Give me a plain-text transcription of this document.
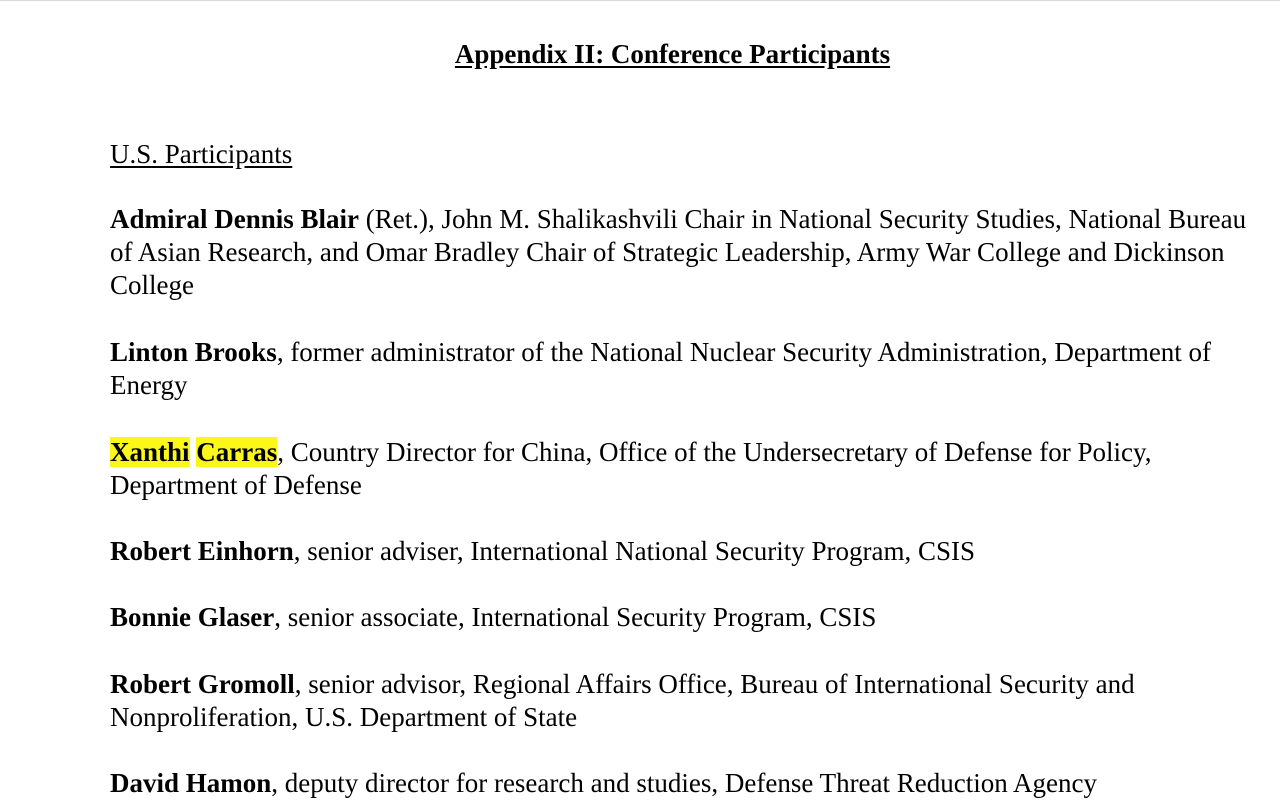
Appendix II: Conference Participants
U.S. Participants

Admiral Dennis Blair (Ret.), John M. Shalikashvili Chair in National Security Studies, National Bureau of Asian Research, and Omar Bradley Chair of Strategic Leadership, Army War College and Dickinson College

Linton Brooks, former administrator of the National Nuclear Security Administration, Department of Energy

Xanthi Carras, Country Director for China, Office of the Undersecretary of Defense for Policy, Department of Defense

Robert Einhorn, senior adviser, International National Security Program, CSIS

Bonnie Glaser, senior associate, International Security Program, CSIS

Robert Gromoll, senior advisor, Regional Affairs Office, Bureau of International Security and Nonproliferation, U.S. Department of State

David Hamon, deputy director for research and studies, Defense Threat Reduction Agency
